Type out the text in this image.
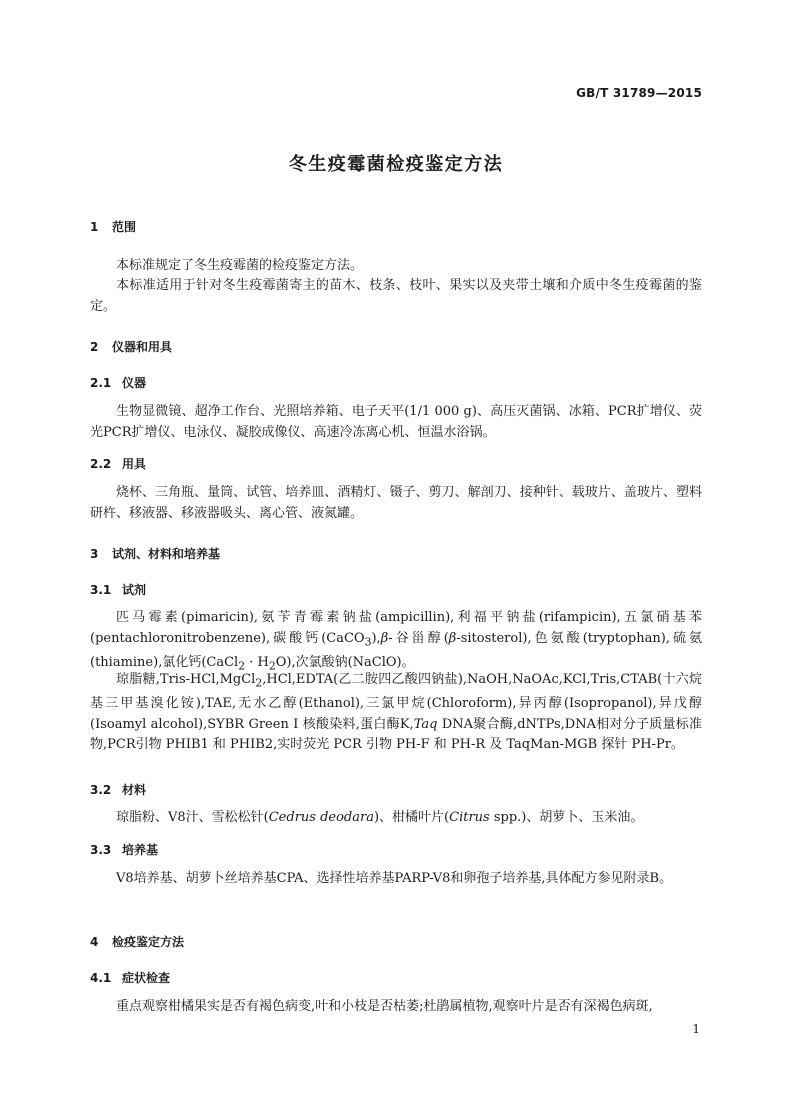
GB/T 31789—2015
冬生疫霉菌检疫鉴定方法
1 范围
本标准规定了冬生疫霉菌的检疫鉴定方法。
本标准适用于针对冬生疫霉菌寄主的苗木、枝条、枝叶、果实以及夹带土壤和介质中冬生疫霉菌的鉴定。
2 仪器和用具
2.1 仪器
生物显微镜、超净工作台、光照培养箱、电子天平(1/1 000 g)、高压灭菌锅、冰箱、PCR扩增仪、荧光PCR扩增仪、电泳仪、凝胶成像仪、高速冷冻离心机、恒温水浴锅。
2.2 用具
烧杯、三角瓶、量筒、试管、培养皿、酒精灯、镊子、剪刀、解剖刀、接种针、载玻片、盖玻片、塑料研杵、移液器、移液器吸头、离心管、液氮罐。
3 试剂、材料和培养基
3.1 试剂
匹马霉素(pimaricin),氨苄青霉素钠盐(ampicillin),利福平钠盐(rifampicin),五氯硝基苯(pentachloronitrobenzene),碳酸钙(CaCO$_3$),β-谷甾醇(β-sitosterol),色氨酸(tryptophan),硫氨(thiamine),氯化钙(CaCl$_2$ · $H_2O$),次氯酸钠(NaClO)。
琼脂糖,Tris-HCl,MgCl$_2$,HCl,EDTA(乙二胺四乙酸四钠盐),NaOH,NaOAc,KCl,Tris,CTAB(十六烷基三甲基溴化铵),TAE,无水乙醇(Ethanol),三氯甲烷(Chloroform),异丙醇(Isopropanol),异戊醇(Isoamyl alcohol),SYBR Green I 核酸染料,蛋白酶K,Taq DNA聚合酶,dNTPs,DNA相对分子质量标准物,PCR引物 PHIB1 和 PHIB2,实时荧光 PCR 引物 PH-F 和 PH-R 及 TaqMan-MGB 探针 PH-Pr。
3.2 材料
琼脂粉、V8汁、雪松松针(Cedrus deodara)、柑橘叶片(Citrus spp.)、胡萝卜、玉米油。
3.3 培养基
V8培养基、胡萝卜丝培养基CPA、选择性培养基PARP-V8和卵孢子培养基,具体配方参见附录B。
4 检疫鉴定方法
4.1 症状检查
重点观察柑橘果实是否有褐色病变,叶和小枝是否枯萎;杜鹃属植物,观察叶片是否有深褐色病斑,
1
